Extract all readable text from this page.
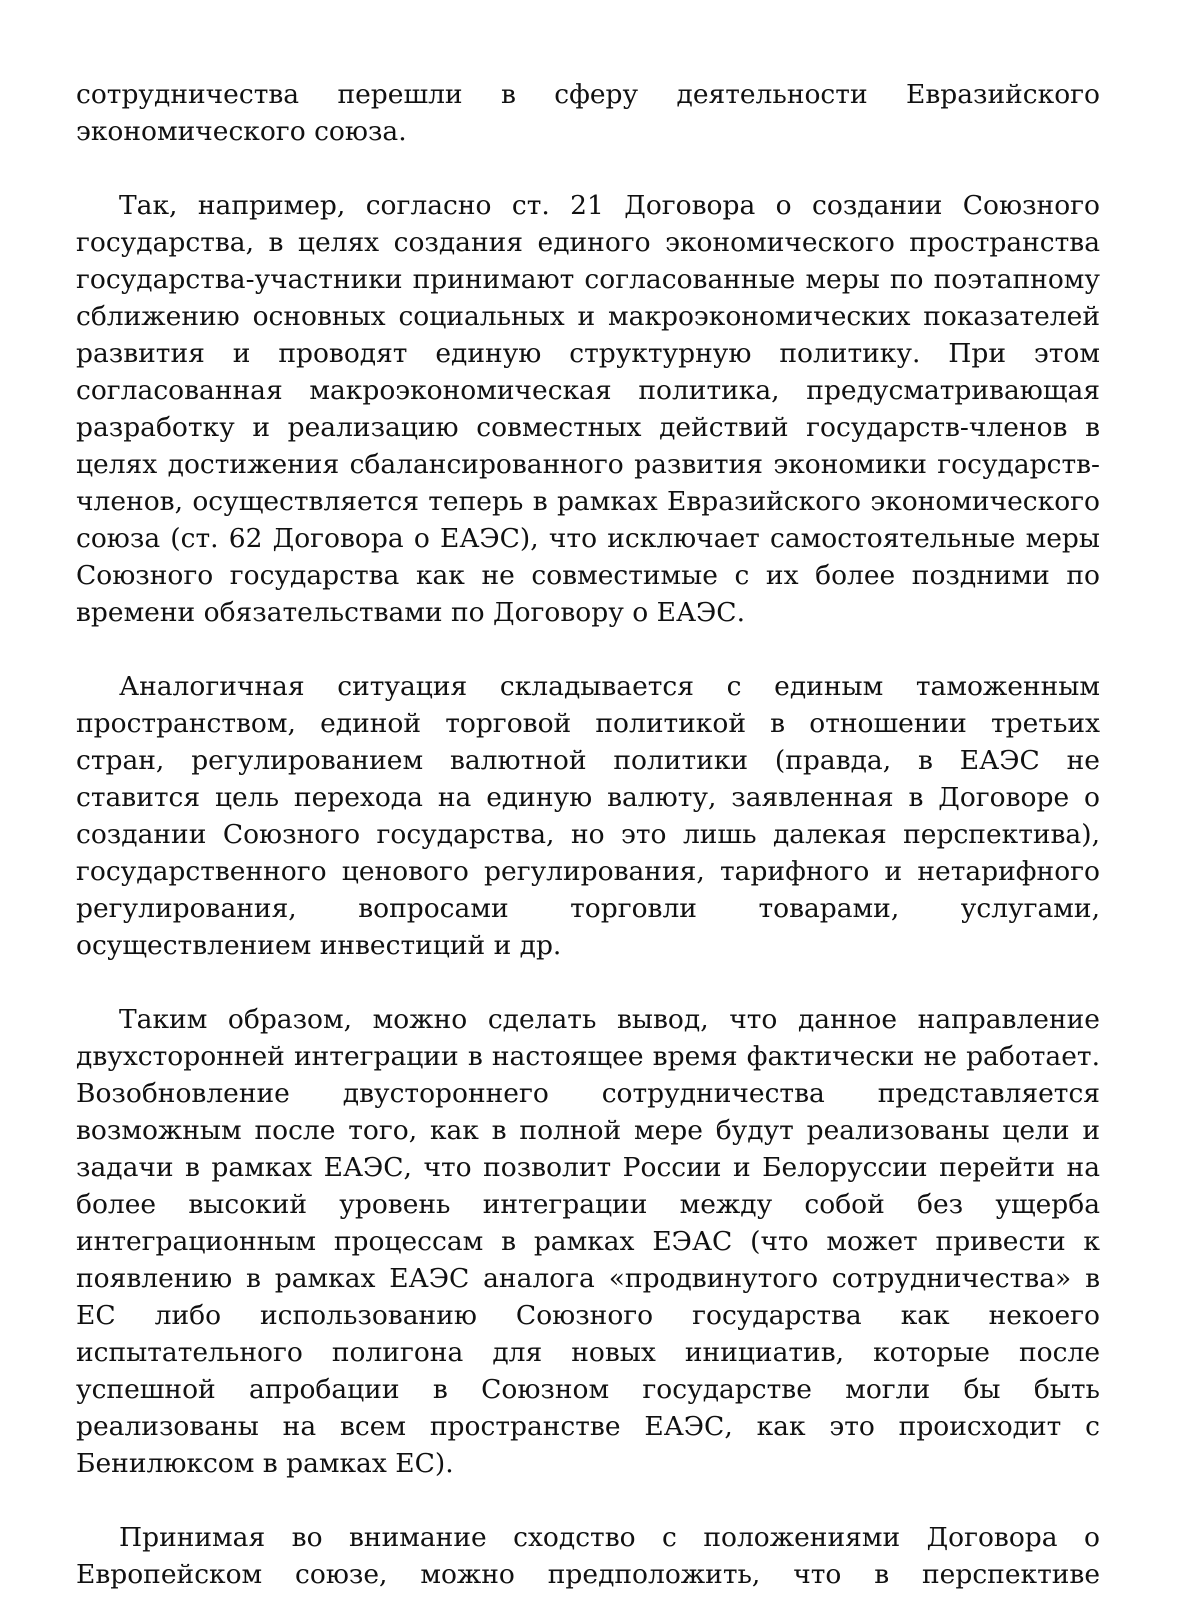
сотрудничества перешли в сферу деятельности Евразийского экономического союза.

Так, например, согласно ст. 21 Договора о создании Союзного государства, в целях создания единого экономического пространства государства-участники принимают согласованные меры по поэтапному сближению основных социальных и макроэкономических показателей развития и проводят единую структурную политику. При этом согласованная макроэкономическая политика, предусматривающая разработку и реализацию совместных действий государств-членов в целях достижения сбалансированного развития экономики государств-членов, осуществляется теперь в рамках Евразийского экономического союза (ст. 62 Договора о ЕАЭС), что исключает самостоятельные меры Союзного государства как не совместимые с их более поздними по времени обязательствами по Договору о ЕАЭС.

Аналогичная ситуация складывается с единым таможенным пространством, единой торговой политикой в отношении третьих стран, регулированием валютной политики (правда, в ЕАЭС не ставится цель перехода на единую валюту, заявленная в Договоре о создании Союзного государства, но это лишь далекая перспектива), государственного ценового регулирования, тарифного и нетарифного регулирования, вопросами торговли товарами, услугами, осуществлением инвестиций и др.

Таким образом, можно сделать вывод, что данное направление двухсторонней интеграции в настоящее время фактически не работает. Возобновление двустороннего сотрудничества представляется возможным после того, как в полной мере будут реализованы цели и задачи в рамках ЕАЭС, что позволит России и Белоруссии перейти на более высокий уровень интеграции между собой без ущерба интеграционным процессам в рамках ЕЭАС (что может привести к появлению в рамках ЕАЭС аналога «продвинутого сотрудничества» в ЕС либо использованию Союзного государства как некоего испытательного полигона для новых инициатив, которые после успешной апробации в Союзном государстве могли бы быть реализованы на всем пространстве ЕАЭС, как это происходит с Бенилюксом в рамках ЕС).

Принимая во внимание сходство с положениями Договора о Европейском союзе, можно предположить, что в перспективе
